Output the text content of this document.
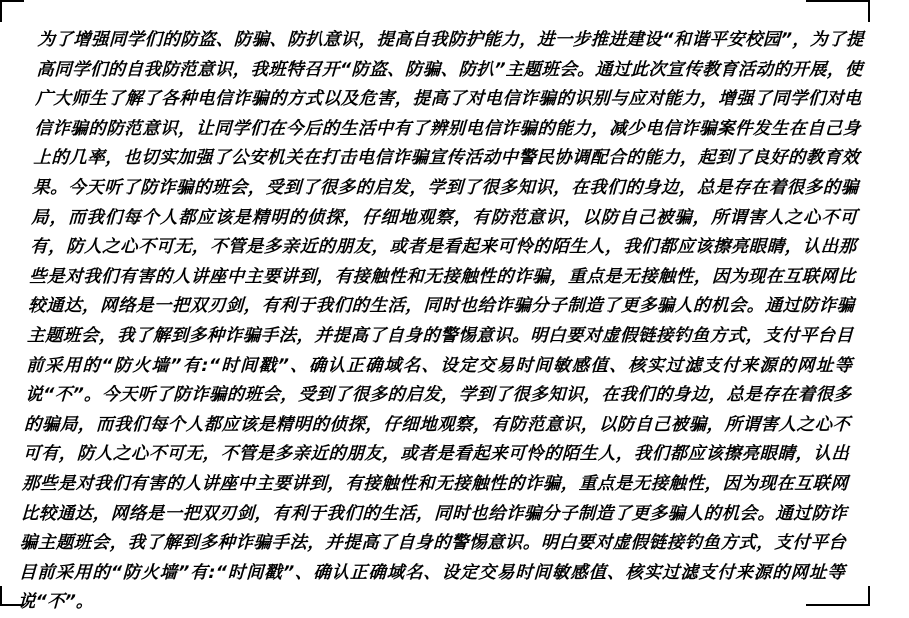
为了增强同学们的防盗、防骗、防扒意识，提高自我防护能力，进一步推进建设“和谐平安校园”，为了提高同学们的自我防范意识，我班特召开“防盗、防骗、防扒”主题班会。通过此次宣传教育活动的开展，使广大师生了解了各种电信诈骗的方式以及危害，提高了对电信诈骗的识别与应对能力，增强了同学们对电信诈骗的防范意识，让同学们在今后的生活中有了辨别电信诈骗的能力，减少电信诈骗案件发生在自己身上的几率，也切实加强了公安机关在打击电信诈骗宣传活动中警民协调配合的能力，起到了良好的教育效果。今天听了防诈骗的班会，受到了很多的启发，学到了很多知识，在我们的身边，总是存在着很多的骗局，而我们每个人都应该是精明的侦探，仔细地观察，有防范意识，以防自己被骗，所谓害人之心不可有，防人之心不可无，不管是多亲近的朋友，或者是看起来可怜的陌生人，我们都应该擦亮眼睛，认出那些是对我们有害的人讲座中主要讲到，有接触性和无接触性的诈骗，重点是无接触性，因为现在互联网比较通达，网络是一把双刃剑，有利于我们的生活，同时也给诈骗分子制造了更多骗人的机会。通过防诈骗主题班会，我了解到多种诈骗手法，并提高了自身的警惕意识。明白要对虚假链接钓鱼方式，支付平台目前采用的“防火墙”有:“时间戳”、确认正确域名、设定交易时间敏感值、核实过滤支付来源的网址等说“不”。今天听了防诈骗的班会，受到了很多的启发，学到了很多知识，在我们的身边，总是存在着很多的骗局，而我们每个人都应该是精明的侦探，仔细地观察，有防范意识，以防自己被骗，所谓害人之心不可有，防人之心不可无，不管是多亲近的朋友，或者是看起来可怜的陌生人，我们都应该擦亮眼睛，认出那些是对我们有害的人讲座中主要讲到，有接触性和无接触性的诈骗，重点是无接触性，因为现在互联网比较通达，网络是一把双刃剑，有利于我们的生活，同时也给诈骗分子制造了更多骗人的机会。通过防诈骗主题班会，我了解到多种诈骗手法，并提高了自身的警惕意识。明白要对虚假链接钓鱼方式，支付平台目前采用的“防火墙”有:“时间戳”、确认正确域名、设定交易时间敏感值、核实过滤支付来源的网址等说“不”。
